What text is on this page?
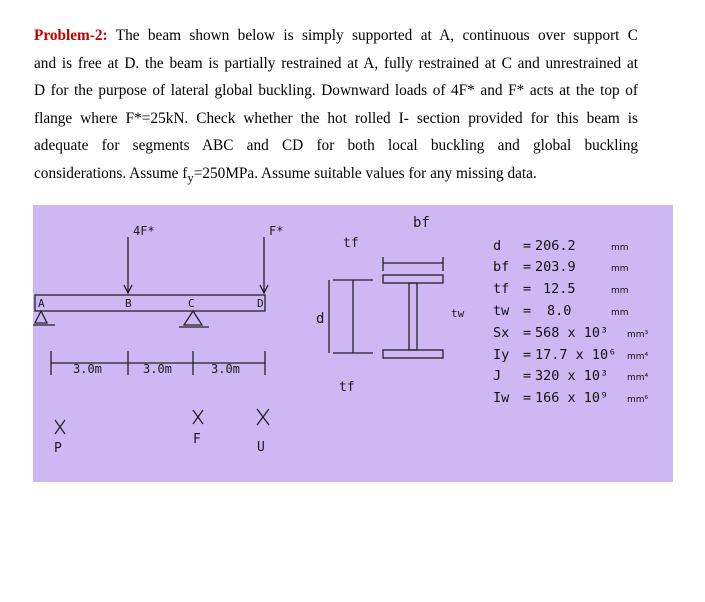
Problem-2: The beam shown below is simply supported at A, continuous over support C
and is free at D. the beam is partially restrained at A, fully restrained at C and unrestrained at
D for the purpose of lateral global buckling. Downward loads of 4F* and F* acts at the top of
flange where F*=25kN. Check whether the hot rolled I- section provided for this beam is
adequate for segments ABC and CD for both local buckling and global buckling
considerations. Assume $f_y=250MPa$. Assume suitable values for any missing data.
4F*	F*
A	B	C	D
3.0m	3.0m	3.0m
P
F
U
bf
tf
tf
d	tw
d = 206.2	mm
bf = 203.9	mm
tf = 12.5	mm
tw = 8.0	mm
Sx = 568 x 10³ mm³
Iy = 17.7 x 10⁶ mm⁴
J = 320 x 10³ mm⁴
Iw = 166 x 10⁹ mm⁶
